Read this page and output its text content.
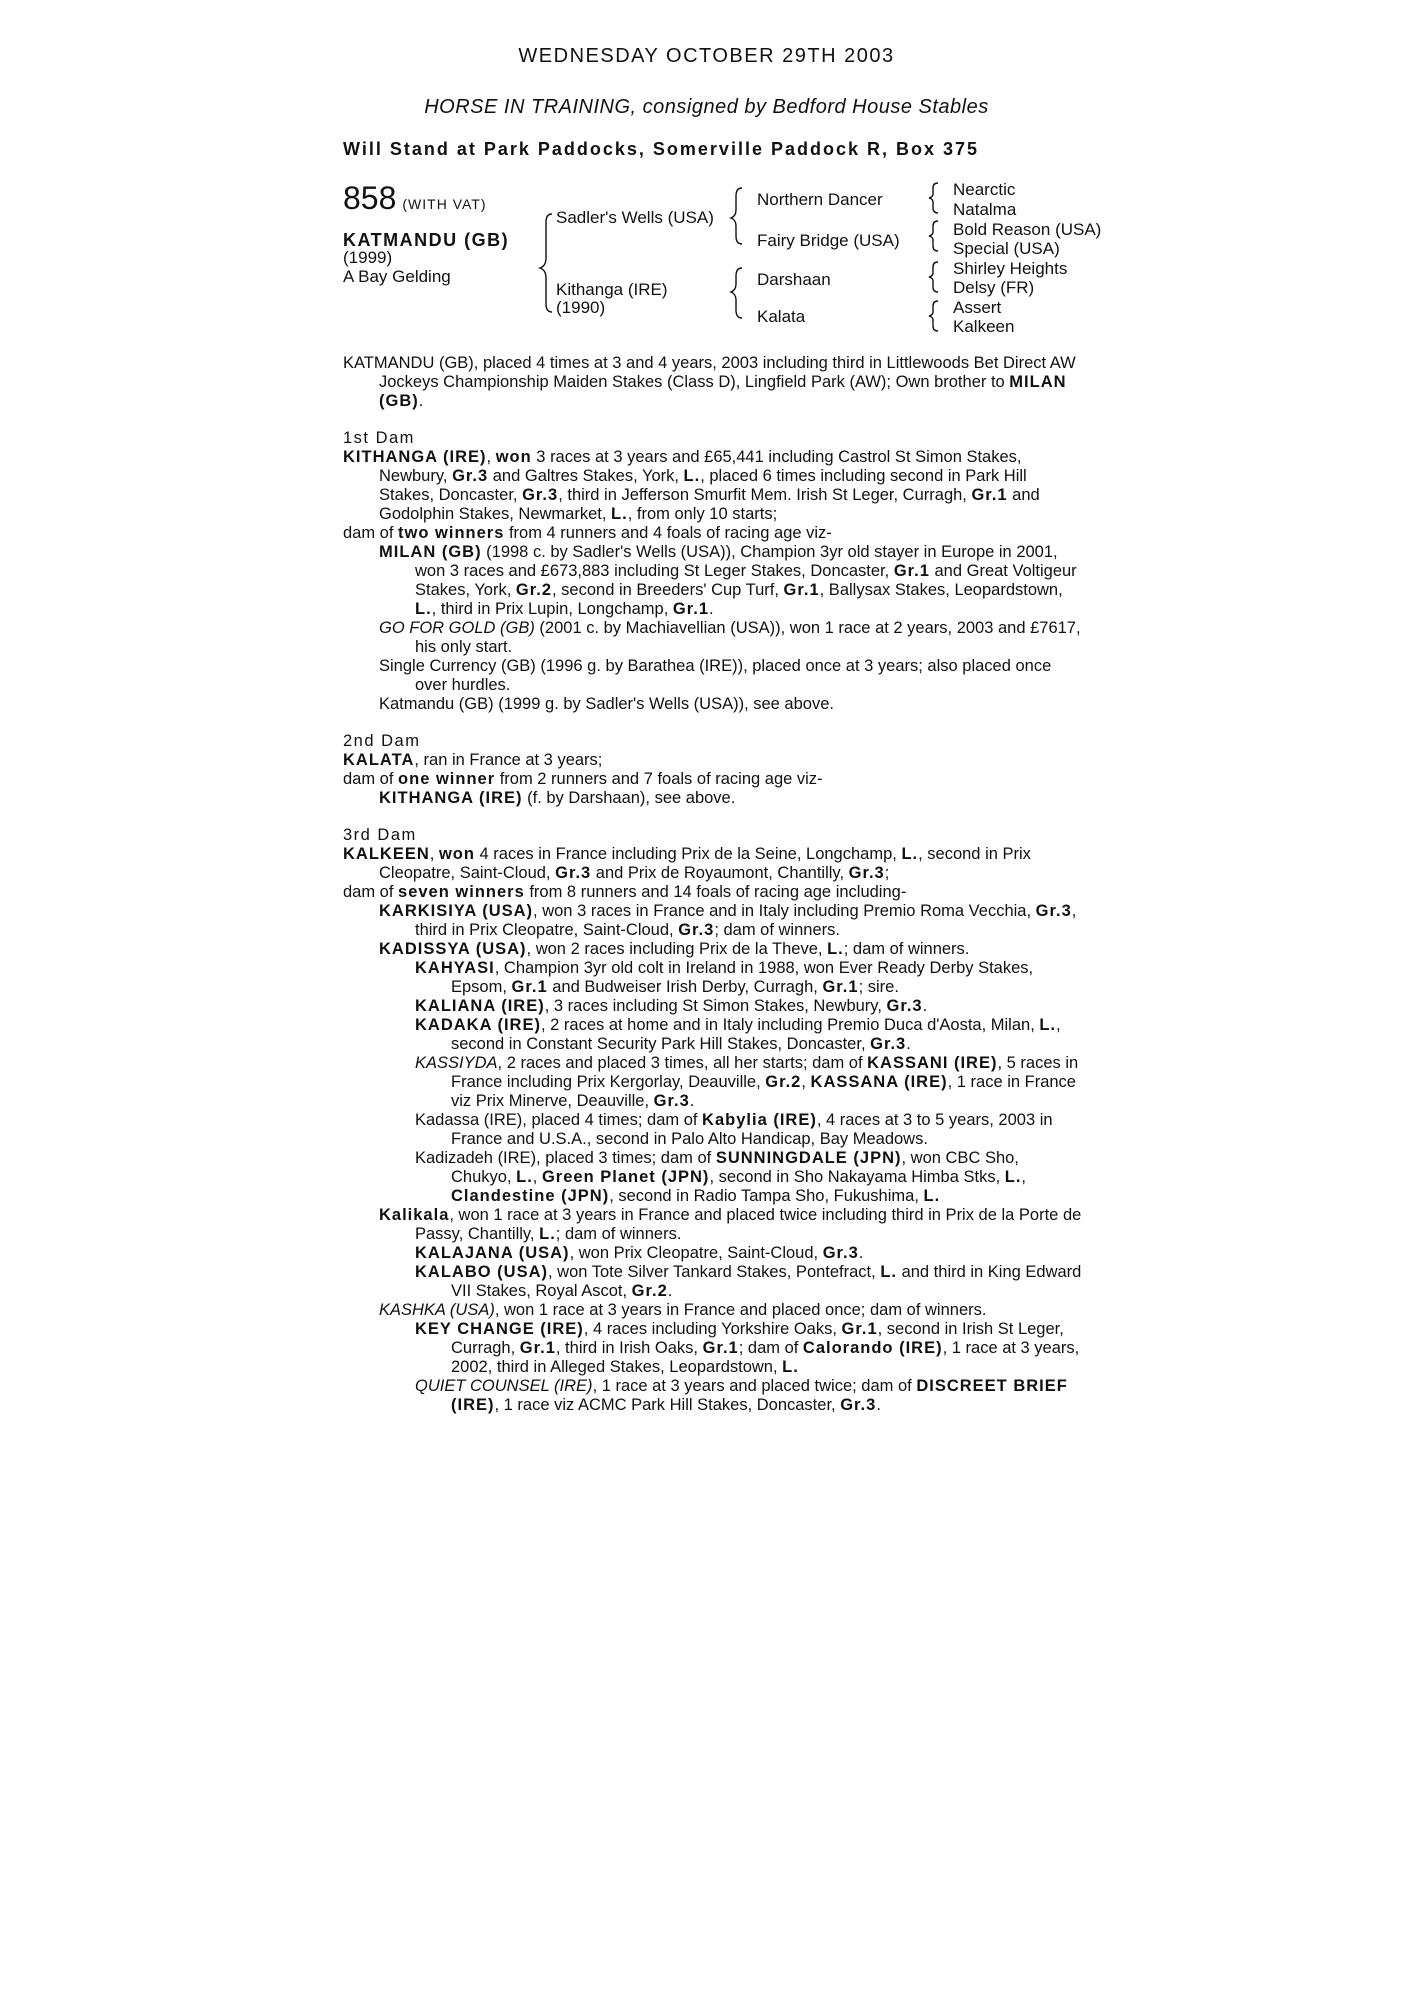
WEDNESDAY OCTOBER 29TH 2003
HORSE IN TRAINING, consigned by Bedford House Stables
Will Stand at Park Paddocks, Somerville Paddock R, Box 375
858 (WITH VAT)
KATMANDU (GB)
(1999)
A Bay Gelding
Sadler's Wells (USA)
Kithanga (IRE)
(1990)
Northern Dancer
Fairy Bridge (USA)
Darshaan
Kalata
Nearctic
Natalma
Bold Reason (USA)
Special (USA)
Shirley Heights
Delsy (FR)
Assert
Kalkeen

KATMANDU (GB), placed 4 times at 3 and 4 years, 2003 including third in Littlewoods Bet Direct AW Jockeys Championship Maiden Stakes (Class D), Lingfield Park (AW); Own brother to MILAN (GB).

1st Dam

KITHANGA (IRE), won 3 races at 3 years and £65,441 including Castrol St Simon Stakes, Newbury, Gr.3 and Galtres Stakes, York, L., placed 6 times including second in Park Hill Stakes, Doncaster, Gr.3, third in Jefferson Smurfit Mem. Irish St Leger, Curragh, Gr.1 and Godolphin Stakes, Newmarket, L., from only 10 starts;

dam of two winners from 4 runners and 4 foals of racing age viz-

MILAN (GB) (1998 c. by Sadler's Wells (USA)), Champion 3yr old stayer in Europe in 2001, won 3 races and £673,883 including St Leger Stakes, Doncaster, Gr.1 and Great Voltigeur Stakes, York, Gr.2, second in Breeders' Cup Turf, Gr.1, Ballysax Stakes, Leopardstown, L., third in Prix Lupin, Longchamp, Gr.1.

GO FOR GOLD (GB) (2001 c. by Machiavellian (USA)), won 1 race at 2 years, 2003 and £7617, his only start.

Single Currency (GB) (1996 g. by Barathea (IRE)), placed once at 3 years; also placed once over hurdles.

Katmandu (GB) (1999 g. by Sadler's Wells (USA)), see above.

2nd Dam

KALATA, ran in France at 3 years;

dam of one winner from 2 runners and 7 foals of racing age viz-

KITHANGA (IRE) (f. by Darshaan), see above.

3rd Dam

KALKEEN, won 4 races in France including Prix de la Seine, Longchamp, L., second in Prix Cleopatre, Saint-Cloud, Gr.3 and Prix de Royaumont, Chantilly, Gr.3;

dam of seven winners from 8 runners and 14 foals of racing age including-

KARKISIYA (USA), won 3 races in France and in Italy including Premio Roma Vecchia, Gr.3, third in Prix Cleopatre, Saint-Cloud, Gr.3; dam of winners.

KADISSYA (USA), won 2 races including Prix de la Theve, L.; dam of winners.

KAHYASI, Champion 3yr old colt in Ireland in 1988, won Ever Ready Derby Stakes, Epsom, Gr.1 and Budweiser Irish Derby, Curragh, Gr.1; sire.

KALIANA (IRE), 3 races including St Simon Stakes, Newbury, Gr.3.

KADAKA (IRE), 2 races at home and in Italy including Premio Duca d'Aosta, Milan, L., second in Constant Security Park Hill Stakes, Doncaster, Gr.3.

KASSIYDA, 2 races and placed 3 times, all her starts; dam of KASSANI (IRE), 5 races in France including Prix Kergorlay, Deauville, Gr.2, KASSANA (IRE), 1 race in France viz Prix Minerve, Deauville, Gr.3.

Kadassa (IRE), placed 4 times; dam of Kabylia (IRE), 4 races at 3 to 5 years, 2003 in France and U.S.A., second in Palo Alto Handicap, Bay Meadows.

Kadizadeh (IRE), placed 3 times; dam of SUNNINGDALE (JPN), won CBC Sho, Chukyo, L., Green Planet (JPN), second in Sho Nakayama Himba Stks, L., Clandestine (JPN), second in Radio Tampa Sho, Fukushima, L.

Kalikala, won 1 race at 3 years in France and placed twice including third in Prix de la Porte de Passy, Chantilly, L.; dam of winners.

KALAJANA (USA), won Prix Cleopatre, Saint-Cloud, Gr.3.

KALABO (USA), won Tote Silver Tankard Stakes, Pontefract, L. and third in King Edward VII Stakes, Royal Ascot, Gr.2.

KASHKA (USA), won 1 race at 3 years in France and placed once; dam of winners.

KEY CHANGE (IRE), 4 races including Yorkshire Oaks, Gr.1, second in Irish St Leger, Curragh, Gr.1, third in Irish Oaks, Gr.1; dam of Calorando (IRE), 1 race at 3 years, 2002, third in Alleged Stakes, Leopardstown, L.

QUIET COUNSEL (IRE), 1 race at 3 years and placed twice; dam of DISCREET BRIEF (IRE), 1 race viz ACMC Park Hill Stakes, Doncaster, Gr.3.
